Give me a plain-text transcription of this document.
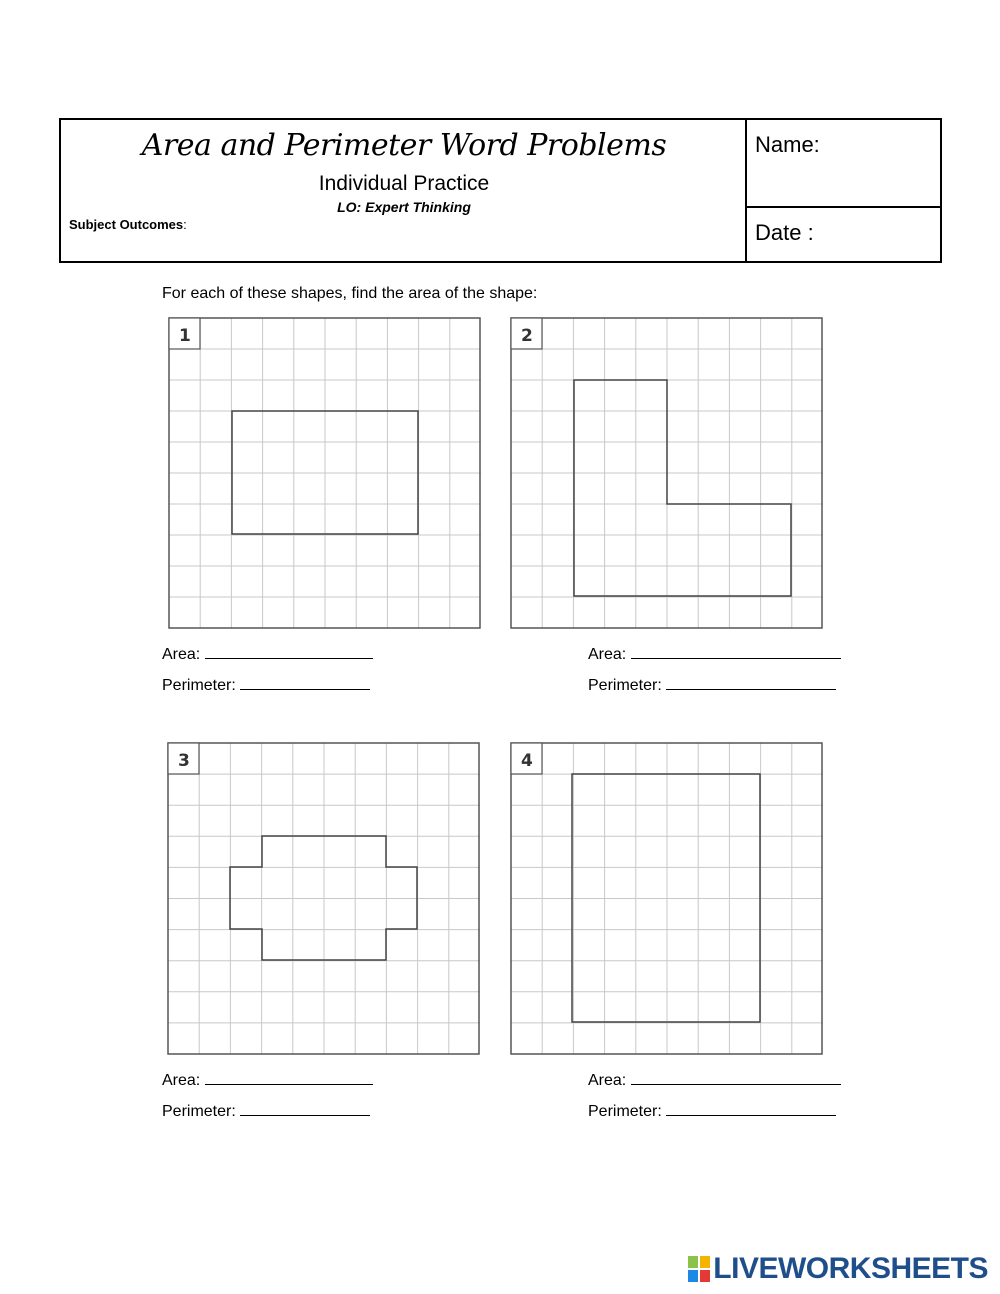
Area and Perimeter Word Problems
Individual Practice
LO: Expert Thinking
Subject Outcomes:
Name:
Date :
For each of these shapes, find the area of the shape:
1	2
Area:
Perimeter:
Area:
Perimeter:
3	4
Area:
Perimeter:
Area:
Perimeter:
LIVEWORKSHEETS
